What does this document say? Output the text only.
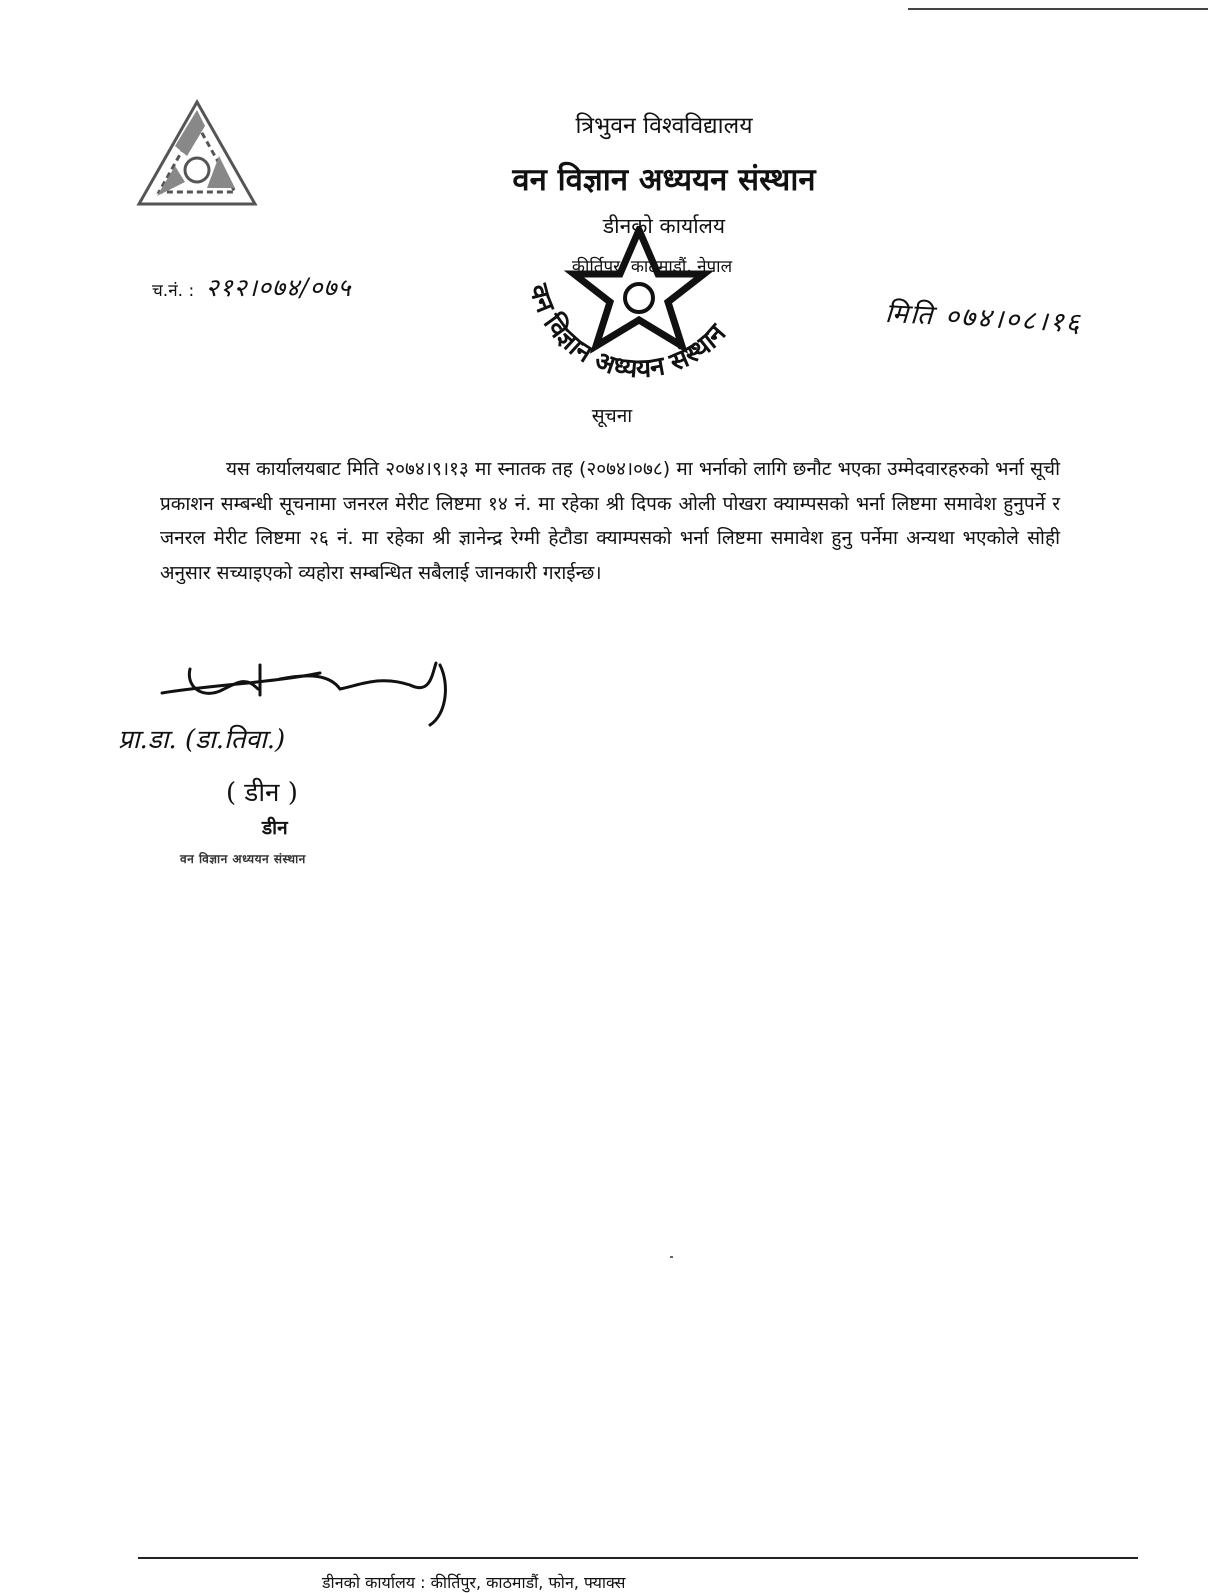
त्रिभुवन विश्वविद्यालय
वन विज्ञान अध्ययन संस्थान
डीनको कार्यालय
कीर्तिपुर, काठमाडौं, नेपाल
वन विज्ञान अध्ययन संस्थान
च.नं. : २१२।०७४/०७५
मिति ०७४।०८।१६
सूचना
यस कार्यालयबाट मिति २०७४।९।१३ मा स्नातक तह (२०७४।०७८) मा भर्नाको लागि छनौट भएका उम्मेदवारहरुको भर्ना सूची प्रकाशन सम्बन्धी सूचनामा जनरल मेरीट लिष्टमा १४ नं. मा रहेका श्री दिपक ओली पोखरा क्याम्पसको भर्ना लिष्टमा समावेश हुनुपर्ने र जनरल मेरीट लिष्टमा २६ नं. मा रहेका श्री ज्ञानेन्द्र रेग्मी हेटौडा क्याम्पसको भर्ना लिष्टमा समावेश हुनु पर्नेमा अन्यथा भएकोले सोही अनुसार सच्याइएको व्यहोरा सम्बन्धित सबैलाई जानकारी गराईन्छ।
प्रा.डा. (डा.तिवा.)
( डीन )
डीन
वन विज्ञान अध्ययन संस्थान
डीनको कार्यालय : कीर्तिपुर, काठमाडौं, फोन, फ्याक्स
